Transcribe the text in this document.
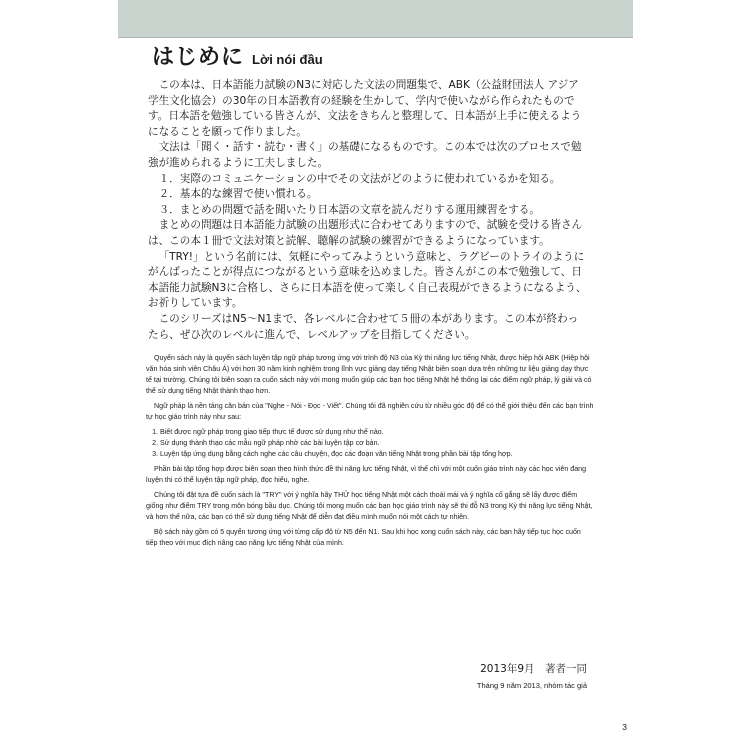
はじめに Lời nói đầu

この本は、日本語能力試験のN3に対応した文法の問題集で、ABK（公益財団法人 アジア学生文化協会）の30年の日本語教育の経験を生かして、学内で使いながら作られたものです。日本語を勉強している皆さんが、文法をきちんと整理して、日本語が上手に使えるようになることを願って作りました。

文法は「聞く・話す・読む・書く」の基礎になるものです。この本では次のプロセスで勉強が進められるように工夫しました。

１．実際のコミュニケーションの中でその文法がどのように使われているかを知る。
２．基本的な練習で使い慣れる。
３．まとめの問題で話を聞いたり日本語の文章を読んだりする運用練習をする。

まとめの問題は日本語能力試験の出題形式に合わせてありますので、試験を受ける皆さんは、この本１冊で文法対策と読解、聴解の試験の練習ができるようになっています。

「TRY!」という名前には、気軽にやってみようという意味と、ラグビーのトライのようにがんばったことが得点につながるという意味を込めました。皆さんがこの本で勉強して、日本語能力試験N3に合格し、さらに日本語を使って楽しく自己表現ができるようになるよう、お祈りしています。

このシリーズはN5〜N1まで、各レベルに合わせて５冊の本があります。この本が終わったら、ぜひ次のレベルに進んで、レベルアップを目指してください。

Quyển sách này là quyển sách luyện tập ngữ pháp tương ứng với trình độ N3 của Kỳ thi năng lực tiếng Nhật, được hiệp hội ABK (Hiệp hội văn hóa sinh viên Châu Á) với hơn 30 năm kinh nghiệm trong lĩnh vực giảng dạy tiếng Nhật biên soạn dựa trên những tư liệu giảng dạy thực tế tại trường. Chúng tôi biên soạn ra cuốn sách này với mong muốn giúp các bạn học tiếng Nhật hệ thống lại các điểm ngữ pháp, lý giải và có thể sử dụng tiếng Nhật thành thạo hơn.

Ngữ pháp là nền tảng căn bản của "Nghe - Nói - Đọc - Viết". Chúng tôi đã nghiên cứu từ nhiều góc độ để có thể giới thiệu đến các bạn trình tự học giáo trình này như sau:

1. Biết được ngữ pháp trong giao tiếp thực tế được sử dụng như thế nào.
2. Sử dụng thành thạo các mẫu ngữ pháp nhờ các bài luyện tập cơ bản.
3. Luyện tập ứng dụng bằng cách nghe các câu chuyện, đọc các đoạn văn tiếng Nhật trong phần bài tập tổng hợp.

Phần bài tập tổng hợp được biên soạn theo hình thức đề thi năng lực tiếng Nhật, vì thế chỉ với một cuốn giáo trình này các học viên đang luyện thi có thể luyện tập ngữ pháp, đọc hiểu, nghe.

Chúng tôi đặt tựa đề cuốn sách là "TRY" với ý nghĩa hãy THỬ học tiếng Nhật một cách thoải mái và ý nghĩa cố gắng sẽ lấy được điểm giống như điểm TRY trong môn bóng bầu dục. Chúng tôi mong muốn các bạn học giáo trình này sẽ thi đỗ N3 trong Kỳ thi năng lực tiếng Nhật, và hơn thế nữa, các bạn có thể sử dụng tiếng Nhật để diễn đạt điều mình muốn nói một cách tự nhiên.

Bộ sách này gồm có 5 quyển tương ứng với từng cấp độ từ N5 đến N1. Sau khi học xong cuốn sách này, các bạn hãy tiếp tục học cuốn tiếp theo với mục đích nâng cao năng lực tiếng Nhật của mình.

2013年9月　著者一同
Tháng 9 năm 2013, nhóm tác giả
3
